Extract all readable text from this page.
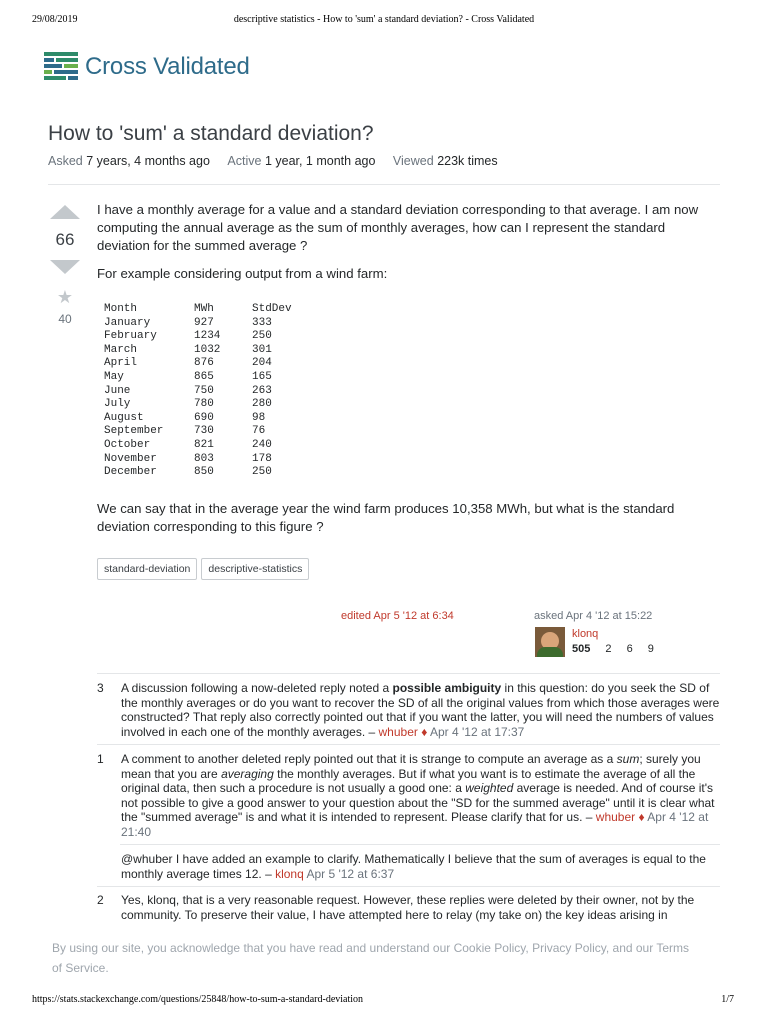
29/08/2019	descriptive statistics - How to 'sum' a standard deviation? - Cross Validated
Cross Validated
How to 'sum' a standard deviation?
Asked 7 years, 4 months ago Active 1 year, 1 month ago Viewed 223k times
66
★
40

I have a monthly average for a value and a standard deviation corresponding to that average. I am now computing the annual average as the sum of monthly averages, how can I represent the standard deviation for the summed average ?

For example considering output from a wind farm:

Month	MWh	StdDev
January	927	333
February	1234	250
March	1032	301
April	876	204
May	865	165
June	750	263
July	780	280
August	690	98
September	730	76
October	821	240
November	803	178
December	850	250

We can say that in the average year the wind farm produces 10,358 MWh, but what is the standard deviation corresponding to this figure ?

standard-deviation	descriptive-statistics
edited Apr 5 '12 at 6:34	asked Apr 4 '12 at 15:22
klonq
505 2 6 9
3	A discussion following a now-deleted reply noted a possible ambiguity in this question: do you seek the SD of the monthly averages or do you want to recover the SD of all the original values from which those averages were constructed? That reply also correctly pointed out that if you want the latter, you will need the numbers of values involved in each one of the monthly averages. – whuber ♦ Apr 4 '12 at 17:37
1	A comment to another deleted reply pointed out that it is strange to compute an average as a sum; surely you mean that you are averaging the monthly averages. But if what you want is to estimate the average of all the original data, then such a procedure is not usually a good one: a weighted average is needed. And of course it's not possible to give a good answer to your question about the "SD for the summed average" until it is clear what the "summed average" is and what it is intended to represent. Please clarify that for us. – whuber ♦ Apr 4 '12 at 21:40
@whuber I have added an example to clarify. Mathematically I believe that the sum of averages is equal to the monthly average times 12. – klonq Apr 5 '12 at 6:37
2	Yes, klonq, that is a very reasonable request. However, these replies were deleted by their owner, not by the community. To preserve their value, I have attempted here to relay (my take on) the key ideas arising in
By using our site, you acknowledge that you have read and understand our Cookie Policy, Privacy Policy, and our Terms of Service.
https://stats.stackexchange.com/questions/25848/how-to-sum-a-standard-deviation	1/7
